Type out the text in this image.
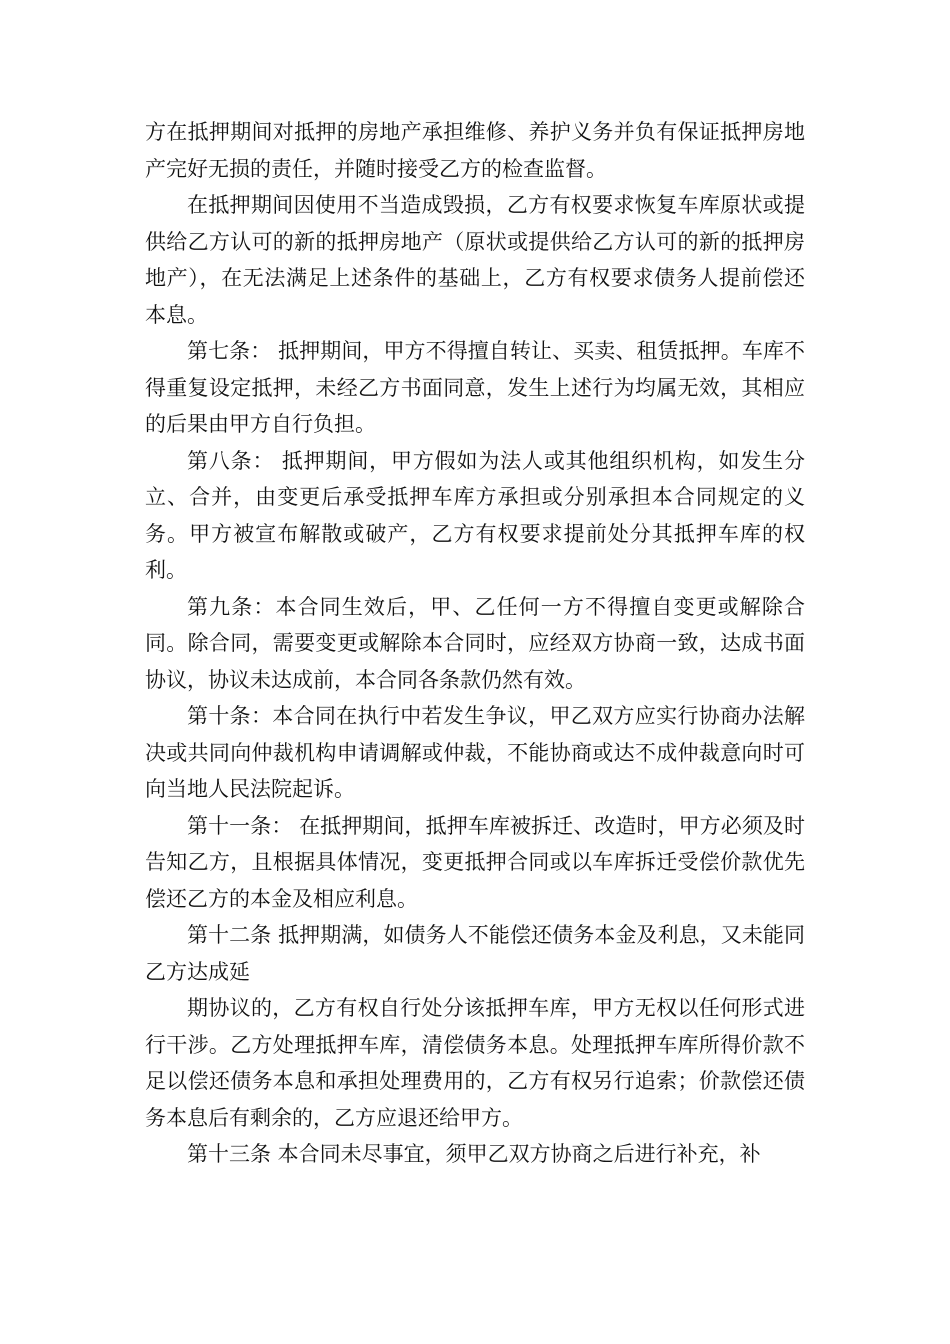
方在抵押期间对抵押的房地产承担维修、养护义务并负有保证抵押房地产完好无损的责任，并随时接受乙方的检查监督。

在抵押期间因使用不当造成毁损，乙方有权要求恢复车库原状或提供给乙方认可的新的抵押房地产（原状或提供给乙方认可的新的抵押房地产），在无法满足上述条件的基础上，乙方有权要求债务人提前偿还本息。

第七条： 抵押期间，甲方不得擅自转让、买卖、租赁抵押。车库不得重复设定抵押，未经乙方书面同意，发生上述行为均属无效，其相应的后果由甲方自行负担。

第八条： 抵押期间，甲方假如为法人或其他组织机构，如发生分立、合并，由变更后承受抵押车库方承担或分别承担本合同规定的义务。甲方被宣布解散或破产，乙方有权要求提前处分其抵押车库的权利。

第九条：本合同生效后，甲、乙任何一方不得擅自变更或解除合同。除合同，需要变更或解除本合同时，应经双方协商一致，达成书面协议，协议未达成前，本合同各条款仍然有效。

第十条：本合同在执行中若发生争议，甲乙双方应实行协商办法解决或共同向仲裁机构申请调解或仲裁，不能协商或达不成仲裁意向时可向当地人民法院起诉。

第十一条： 在抵押期间，抵押车库被拆迁、改造时，甲方必须及时告知乙方，且根据具体情况，变更抵押合同或以车库拆迁受偿价款优先偿还乙方的本金及相应利息。

第十二条 抵押期满，如债务人不能偿还债务本金及利息，又未能同乙方达成延

期协议的，乙方有权自行处分该抵押车库，甲方无权以任何形式进行干涉。乙方处理抵押车库，清偿债务本息。处理抵押车库所得价款不足以偿还债务本息和承担处理费用的，乙方有权另行追索；价款偿还债务本息后有剩余的，乙方应退还给甲方。

第十三条 本合同未尽事宜，须甲乙双方协商之后进行补充，补
